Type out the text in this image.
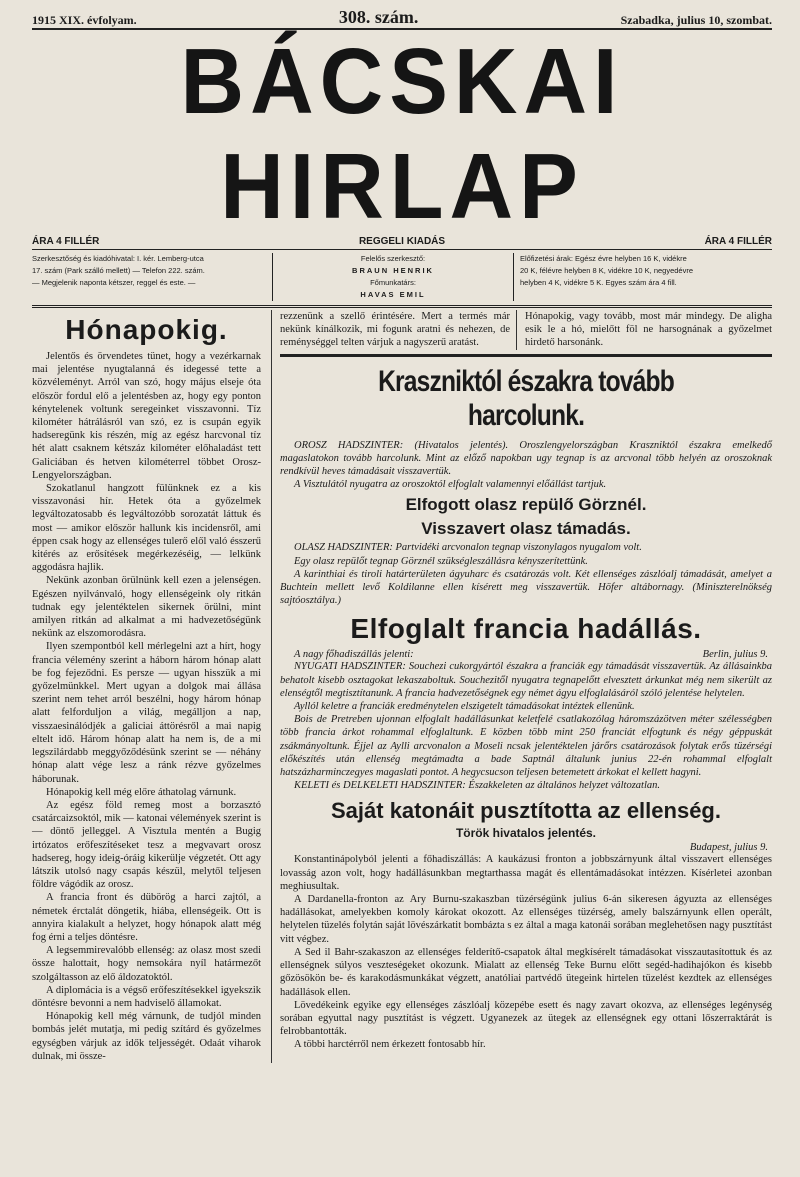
1915 XIX. évfolyam.	308. szám.	Szabadka, julius 10, szombat.
BÁCSKAI HIRLAP
ÁRA 4 FILLÉR	REGGELI KIADÁS	ÁRA 4 FILLÉR
Szerkesztőség és kiadóhivatal: I. kér. Lemberg-utca
17. szám (Park szálló mellett) — Telefon 222. szám.
— Megjelenik naponta kétszer, reggel és este. —
Felelős szerkesztő:
BRAUN HENRIK
Főmunkatárs:
HAVAS EMIL
Előfizetési árak: Egész évre helyben 16 K, vidékre
20 K, félévre helyben 8 K, vidékre 10 K, negyedévre
helyben 4 K, vidékre 5 K. Egyes szám ára 4 fill.
Hónapokig.

Jelentős és örvendetes tünet, hogy a vezérkarnak mai jelentése nyugtalanná és idegessé tette a közvéleményt. Arról van szó, hogy május elseje óta először fordul elő a jelentésben az, hogy egy ponton kénytelenek voltunk seregeinket visszavonni. Tíz kilométer hátrálásról van szó, ez is csupán egyik hadseregünk kis részén, míg az egész harcvonal tíz hét alatt csaknem kétszáz kilométer előhaladást tett Galiciában és hetven kilométerrel többet Orosz-Lengyelországban.

Szokatlanul hangzott fülünknek ez a kis visszavonási hír. Hetek óta a győzelmek legváltozatosabb és legváltozóbb sorozatát láttuk és most — amikor először hallunk kis incidensről, ami éppen csak hogy az ellenséges tulerő elől való ésszerű kitérés az erősítések megérkezéséig, — lelkünk aggodásra hajlik.

Nekünk azonban örülnünk kell ezen a jelenségen. Egészen nyilvánvaló, hogy ellenségeink oly ritkán tudnak egy jelentéktelen sikernek örülni, mint amilyen ritkán ad alkalmat a mi hadvezetőségünk nekünk az elszomorodásra.

Ilyen szempontból kell mérlegelni azt a hírt, hogy francia vélemény szerint a háborn három hónap alatt be fog fejeződni. Es persze — ugyan hisszük a mi győzelmünkkel. Mert ugyan a dolgok mai állása szerint nem tehet arról beszélni, hogy három hónap alatt felforduljon a világ, megálljon a nap, visszaesinálódjék a galiciai áttörésről a mai napig eltelt idő. Három hónap alatt ha nem is, de a mi legszilárdabb meggyőződésünk szerint se — néhány hónap alatt vége lesz a ránk rézve győzelmes háborunak.

Hónapokig kell még előre áthatolag várnunk.

Az egész föld remeg most a borzasztó csatárcaizsoktól, mik — katonai vélemények szerint is — döntő jelleggel. A Visztula mentén a Bugig irtózatos erőfeszítéseket tesz a megvavart orosz hadsereg, hogy ideig-óráig kikerülje végzetét. Ott agy látszik utolsó nagy csapás készül, melytől teljesen földre vágódik az orosz.

A francia front és dübörög a harci zajtól, a németek érctalát döngetik, hiába, ellenségeik. Ott is annyira kialakult a helyzet, hogy hónapok alatt még fog érni a teljes döntésre.

A legsemmirevalóbb ellenség: az olasz most szedi össze halottait, hogy nemsokára nyíl határmezőt szolgáltasson az elő áldozatoktól.

A diplomácia is a végső erőfeszítésekkel igyekszik döntésre bevonni a nem hadviselő államokat.

Hónapokig kell még várnunk, de tudjól minden bombás jelét mutatja, mi pedig szítárd és győzelmes egységben várjuk az idők teljességét. Odaát viharok dulnak, mi össze-

rezzenünk a szellő érintésére. Mert a termés már nekünk kínálkozik, mi fogunk aratni és nehezen, de reménységgel telten várjuk a nagyszerű aratást.

Hónapokig, vagy tovább, most már mindegy. De aligha esik le a hó, mielőtt föl ne harsognának a győzelmet hirdető harsonánk.

Kraszniktól északra tovább harcolunk.

OROSZ HADSZINTER: (Hivatalos jelentés). Oroszlengyelországban Kraszniktól északra emelkedő magaslatokon tovább harcolunk. Mint az előző napokban ugy tegnap is az arcvonal több helyén az oroszoknak rendkívül heves támadásait visszavertük.

A Visztulától nyugatra az oroszoktól elfoglalt valamennyi előállást tartjuk.

Elfogott olasz repülő Görznél.
Visszavert olasz támadás.

OLASZ HADSZINTER: Partvidéki arcvonalon tegnap viszonylagos nyugalom volt.

Egy olasz repülőt tegnap Görznél szükségleszállásra kényszerítettünk.

A karinthiai és tiroli határterületen ágyuharc és csatározás volt. Két ellenséges zászlóalj támadását, amelyet a Buchtein mellett levő Koldilanne ellen kísérett meg visszavertük. Höfer altábornagy. (Miniszterelnökség sajtóosztálya.)

Elfoglalt francia hadállás.
A nagy főhadiszállás jelenti:	Berlin, julius 9.

NYUGATI HADSZINTER: Souchezi cukorgyártól északra a franciák egy támadását visszavertük. Az állásainkba behatolt kisebb osztagokat lekaszaboltuk. Souchezitől nyugatra tegnapelőtt elvesztett árkunkat még nem sikerült az elenségtől megtisztítanunk. A francia hadvezetőségnek egy német ágyu elfoglalásáról szóló jelentése helytelen.

Ayllól keletre a franciák eredménytelen elszigetelt támadásokat intéztek ellenünk.

Bois de Pretreben ujonnan elfoglalt hadállásunkat keletfelé csatlakozólag háromszázötven méter szélességben több francia árkot rohammal elfoglaltunk. E közben több mint 250 franciát elfogtunk és négy géppuskát zsákmányoltunk. Éjjel az Aylli arcvonalon a Moseli ncsak jelentéktelen járőrs csatározások folytak erős tüzérségi előkészítés után ellenség megtámadta a bade Saptnál általunk junius 22-én rohammal elfoglalt hatszázharminczegyes magaslati pontot. A hegycsucson teljesen betemetett árkokat el kellett hagyni.

KELETI és DELKELETI HADSZINTER: Északkeleten az általános helyzet változatlan.

Saját katonáit pusztította az ellenség.
Török hivatalos jelentés.
Budapest, julius 9.

Konstantinápolyból jelenti a főhadiszállás: A kaukázusi fronton a jobbszárnyunk által visszavert ellenséges lovasság azon volt, hogy hadállásunkban megtarthassa magát és ellentámadásokat intézzen. Kísérletei azonban meghiusultak.

A Dardanella-fronton az Ary Burnu-szakaszban tüzérségünk julius 6-án sikeresen ágyuzta az ellenséges hadállásokat, amelyekben komoly károkat okozott. Az ellenséges tüzérség, amely balszárnyunk ellen operált, helytelen tüzelés folytán saját lövészárkatit bombázta s ez által a maga katonái sorában meglehetősen nagy pusztítást vitt végbez.

A Sed il Bahr-szakaszon az ellenséges felderítő-csapatok által megkísérelt támadásokat visszautasítottuk és az ellenségnek súlyos veszteségeket okozunk. Mialatt az ellenség Teke Burnu előtt segéd-hadihajókon és kisebb gőzösökön be- és karakodásmunkákat végzett, anatóliai partvédő ütegeink hirtelen tüzelést kezdtek az ellenséges hadállások ellen.

Lövedékeink egyike egy ellenséges zászlóalj közepébe esett és nagy zavart okozva, az ellenséges legénység sorában egyuttal nagy pusztítást is végzett. Ugyanezek az ütegek az ellenségnek egy ottani lőszerraktárát is felrobbantották.

A többi harctérről nem érkezett fontosabb hír.
